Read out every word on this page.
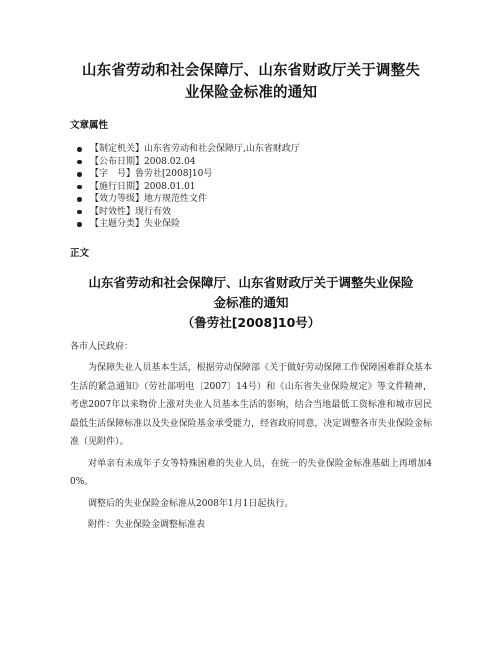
山东省劳动和社会保障厅、山东省财政厅关于调整失
业保险金标准的通知
文章属性
【制定机关】山东省劳动和社会保障厅,山东省财政厅
【公布日期】2008.02.04
【字　号】鲁劳社[2008]10号
【施行日期】2008.01.01
【效力等级】地方规范性文件
【时效性】现行有效
【主题分类】失业保险
正文
山东省劳动和社会保障厅、山东省财政厅关于调整失业保险
金标准的通知
（鲁劳社[2008]10号）

各市人民政府：

为保障失业人员基本生活，根据劳动保障部《关于做好劳动保障工作保障困难群众基本生活的紧急通知》（劳社部明电〔2007〕14号）和《山东省失业保险规定》等文件精神，考虑2007年以来物价上涨对失业人员基本生活的影响，结合当地最低工资标准和城市居民最低生活保障标准以及失业保险基金承受能力，经省政府同意，决定调整各市失业保险金标准（见附件）。

对单亲有未成年子女等特殊困难的失业人员，在统一的失业保险金标准基础上再增加40%。

调整后的失业保险金标准从2008年1月1日起执行。

附件：失业保险金调整标准表
